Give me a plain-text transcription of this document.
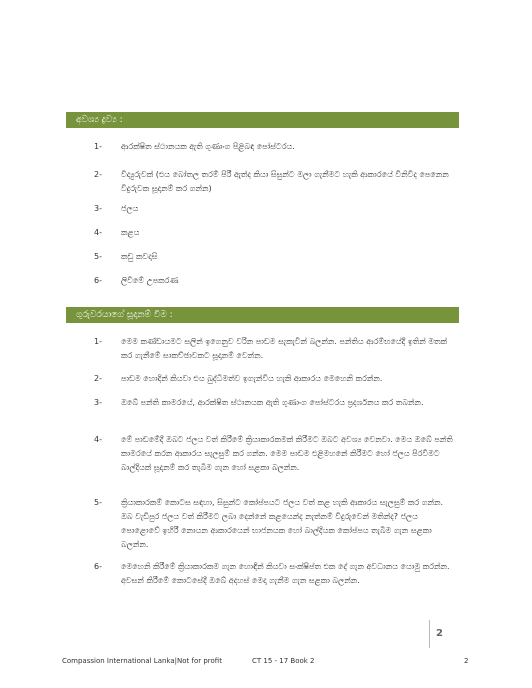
අවශ්‍ය ද්‍රව්‍ය :
1- ආරක්ෂිත ස්ථානයක ඇති ගුණාංග පිළිබඳ පෝස්ටරය.
2- විද්‍යුරුවක් (එය බෝතල තරම් පිරී ඇත්ද කියා සිසුන්ට මලා ගැනීමට හැකි ආකාරයේ විනිවිද පෙනෙන විදුරුවක සූදානම් කර ගන්න)
3- ජලය
4- කළය
5- කඩු කවදාසි
6- ලිවීමේ උපකරණ
ගුරුවරයාගේ සූදානම් වීම :
1- මෙම කණ්ඩායමට සලින් ඉගෙනුව වරින පාඩම සැකැවින් බලන්න. පන්තිය ආරම්භයේදී ඉතින් මතක් කර ගැනීමේ සාකච්ඡාවකට සූදානම් වෙන්න.
2- පාඩම හොදින් කියවා එය බුද්ධිමත්ව ඉගැන්විය හැකි ආකාරය මෙහෙනි කරන්න.
3- ඔබේ පන්ති කාමරයේ, ආරක්ෂිත ස්ථානයක ඇති ගුණාංග පෝස්ටරය ප්‍රදර්ශනය කර තබන්න.
4- මේ පාඩමේදී ඔබට ජලය වත් කිරීමේ ක්‍රියාකාරකමක් කිරීමට ඔබට අවශ්‍ය වෙනවා. මෙය ඔබේ පන්ති කාමරයේ කරන ආකාරය සැලසුම් කර ගන්න. මෙම පාඩම එළිමහනේ කිරීමට හෝ ජලය පිරවීමට බාල්දියක් සූදානම් කර තැබීම ගැන හෝ සළකා බලන්න.
5- ක්‍රියාකාරකම් කොටස සඳහා, සිසුන්ට කෝප්පයට ජලය වත් කළ හැකි ආකාරය සැලසුම් කර ගන්න. ඔබ වැඩිපුර ජලය වත් කිරීමට ලබා දෙන්නේ කළයෙන්ද නැත්නම් විදුරුවෙන් මතින්ද? ජලය පොළොවේ ඉහිරී නොයන ආකාරයෙන් භාජනයක හෝ බාල්දියක කෝප්පය තැබීම ගැන සළකා බලන්න.
6- මෙහෙනි කිරීමේ ක්‍රියාකාරකම ගැන හොඳින් කියවා සංක්ෂිප්ත එක දේ ගැන අවධානය යොමු කරන්න. අවසන් කිරීමේ කොටසේදී ඔබේ අදහස් මෙදා ගැනීම ගැන සළකා බලන්න.
2
Compassion International Lanka|Not for profit	CT 15 - 17 Book 2	2
